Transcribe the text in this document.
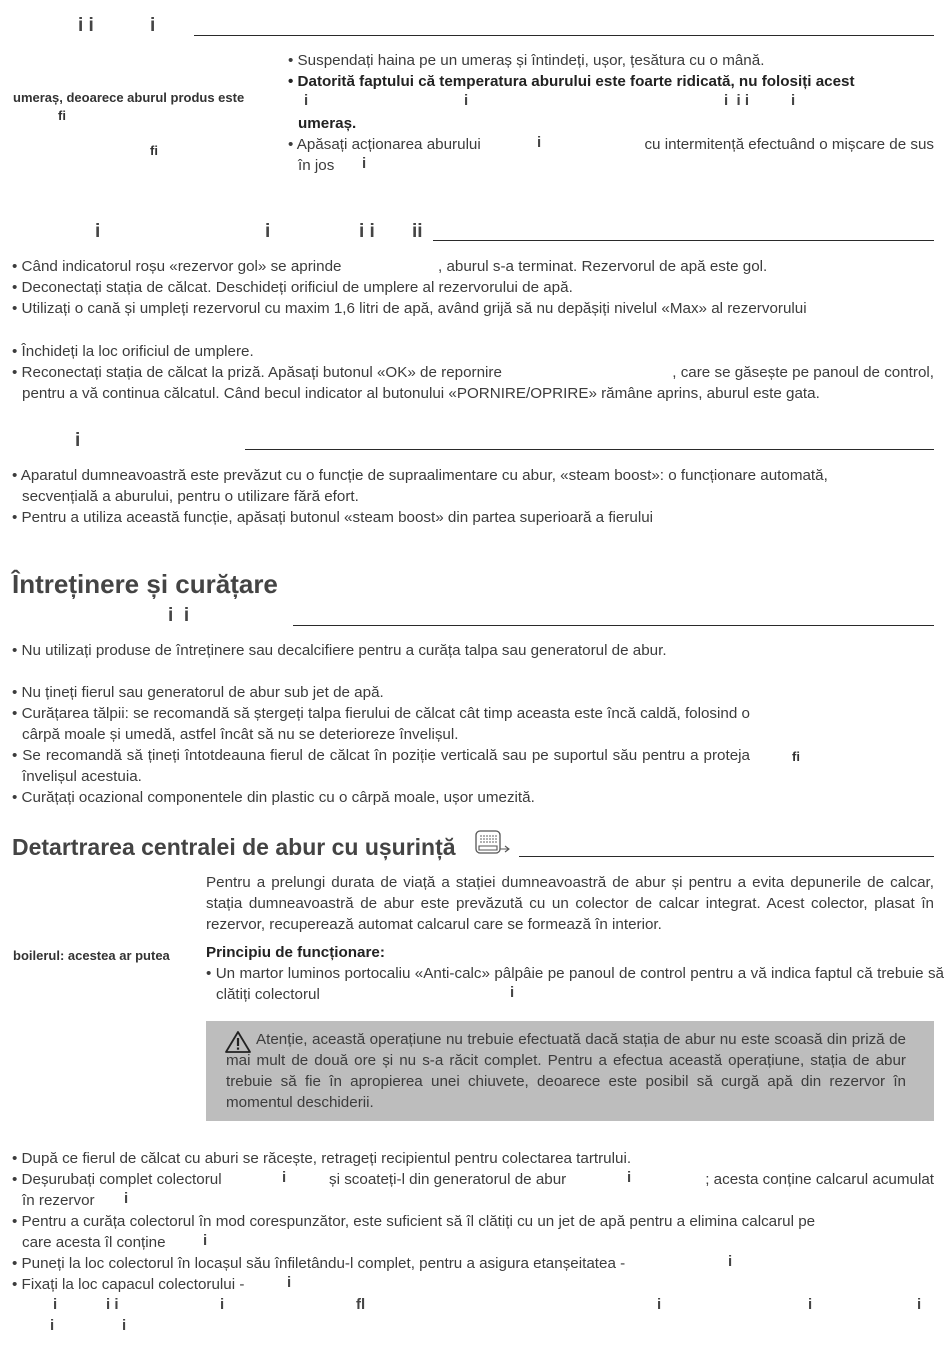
i i	i
umeraș, deoarece aburul produs este
fi
fi
• Suspendați haina pe un umeraș și întindeți, ușor, țesătura cu o mână.
• Datorită faptului că temperatura aburului este foarte ridicată, nu folosiți acest
i	i	i  i i	i
umeraș.
• Apăsați acționarea aburului	i	cu intermitență efectuând o mișcare de sus
în jos i
i	i	i i ii
• Când indicatorul roșu «rezervor gol» se aprinde	, aburul s-a terminat. Rezervorul de apă este gol.
• Deconectați stația de călcat. Deschideți orificiul de umplere al rezervorului de apă.
• Utilizați o cană și umpleți rezervorul cu maxim 1,6 litri de apă, având grijă să nu depășiți nivelul «Max» al rezervorului
• Închideți la loc orificiul de umplere.
• Reconectați stația de călcat la priză. Apăsați butonul «OK» de repornire	, care se găsește pe panoul de control,
pentru a vă continua călcatul. Când becul indicator al butonului «PORNIRE/OPRIRE» rămâne aprins, aburul este gata.
i
• Aparatul dumneavoastră este prevăzut cu o funcție de supraalimentare cu abur, «steam boost»: o funcționare automată,
secvențială a aburului, pentru o utilizare fără efort.
• Pentru a utiliza această funcție, apăsați butonul «steam boost» din partea superioară a fierului
Întreținere și curățare
i  i
• Nu utilizați produse de întreținere sau decalcifiere pentru a curăța talpa sau generatorul de abur.
• Nu țineți fierul sau generatorul de abur sub jet de apă.
• Curățarea tălpii: se recomandă să ștergeți talpa fierului de călcat cât timp aceasta este încă caldă, folosind o cârpă moale și umedă, astfel încât să nu se deterioreze învelișul.
• Se recomandă să țineți întotdeauna fierul de călcat în poziție verticală sau pe suportul său pentru a proteja învelișul acestuia.
fi
• Curățați ocazional componentele din plastic cu o cârpă moale, ușor umezită.
Detartrarea centralei de abur cu ușurință
Pentru a prelungi durata de viață a stației dumneavoastră de abur și pentru a evita depunerile de calcar, stația dumneavoastră de abur este prevăzută cu un colector de calcar integrat. Acest colector, plasat în rezervor, recuperează automat calcarul care se formează în interior.
boilerul: acestea ar putea Principiu de funcționare:
• Un martor luminos portocaliu «Anti-calc» pâlpâie pe panoul de control pentru a vă indica faptul că trebuie să clătiți colectorul	i
Atenție, această operațiune nu trebuie efectuată dacă stația de abur nu este scoasă din priză de mai mult de două ore și nu s-a răcit complet. Pentru a efectua această operațiune, stația de abur trebuie să fie în apropierea unei chiuvete, deoarece este posibil să curgă apă din rezervor în momentul deschiderii.
• După ce fierul de călcat cu aburi se răcește, retrageți recipientul pentru colectarea tartrului.
• Deșurubați complet colectorul	i	și scoateți-l din generatorul de abur	i	; acesta conține calcarul acumulat
în rezervor i
• Pentru a curăța colectorul în mod corespunzător, este suficient să îl clătiți cu un jet de apă pentru a elimina calcarul pe
care acesta îl conține i
• Puneți la loc colectorul în locașul său înfiletându-l complet, pentru a asigura etanșeitatea -	i
• Fixați la loc capacul colectorului -	i
i	i i	i	fl	i	i	i
i	i
